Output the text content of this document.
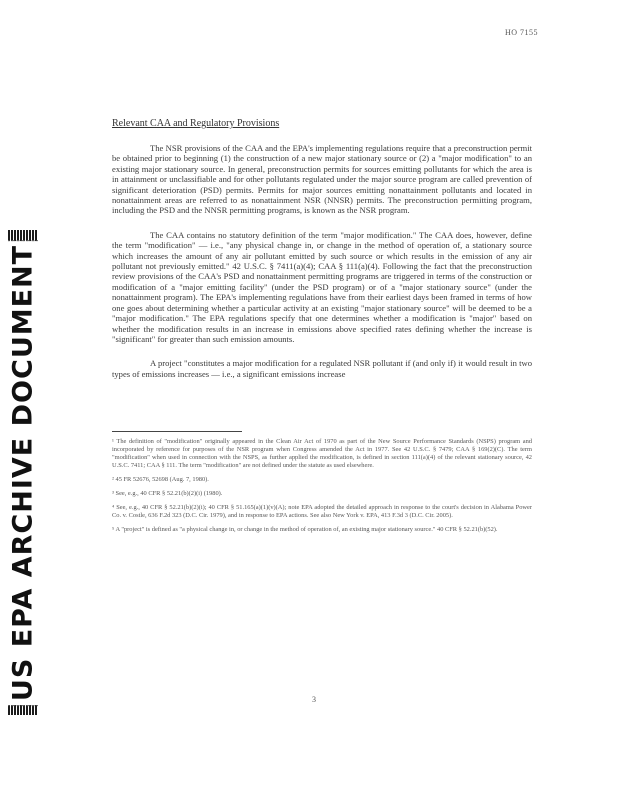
US EPA ARCHIVE DOCUMENT
HO 7155
Relevant CAA and Regulatory Provisions

The NSR provisions of the CAA and the EPA's implementing regulations require that a preconstruction permit be obtained prior to beginning (1) the construction of a new major stationary source or (2) a "major modification" to an existing major stationary source. In general, preconstruction permits for sources emitting pollutants for which the area is in attainment or unclassifiable and for other pollutants regulated under the major source program are called prevention of significant deterioration (PSD) permits. Permits for major sources emitting nonattainment pollutants and located in nonattainment areas are referred to as nonattainment NSR (NNSR) permits. The preconstruction permitting program, including the PSD and the NNSR permitting programs, is known as the NSR program.

The CAA contains no statutory definition of the term "major modification." The CAA does, however, define the term "modification" — i.e., "any physical change in, or change in the method of operation of, a stationary source which increases the amount of any air pollutant emitted by such source or which results in the emission of any air pollutant not previously emitted." 42 U.S.C. § 7411(a)(4); CAA § 111(a)(4). Following the fact that the preconstruction review provisions of the CAA's PSD and nonattainment permitting programs are triggered in terms of the construction or modification of a "major emitting facility" (under the PSD program) or of a "major stationary source" (under the nonattainment program). The EPA's implementing regulations have from their earliest days been framed in terms of how one goes about determining whether a particular activity at an existing "major stationary source" will be deemed to be a "major modification." The EPA regulations specify that one determines whether a modification is "major" based on whether the modification results in an increase in emissions above specified rates defining whether the increase is "significant" for greater than such emission amounts.

A project "constitutes a major modification for a regulated NSR pollutant if (and only if) it would result in two types of emissions increases — i.e., a significant emissions increase

¹ The definition of "modification" originally appeared in the Clean Air Act of 1970 as part of the New Source Performance Standards (NSPS) program and incorporated by reference for purposes of the NSR program when Congress amended the Act in 1977. See 42 U.S.C. § 7479; CAA § 169(2)(C). The term "modification" when used in connection with the NSPS, as further applied the modification, is defined in section 111(a)(4) of the relevant stationary source, 42 U.S.C. 7411; CAA § 111. The term "modification" are not defined under the statute as used elsewhere.
² 45 FR 52676, 52698 (Aug. 7, 1980).
³ See, e.g., 40 CFR § 52.21(b)(2)(i) (1980).
⁴ See, e.g., 40 CFR § 52.21(b)(2)(i); 40 CFR § 51.165(a)(1)(v)(A); note EPA adopted the detailed approach in response to the court's decision in Alabama Power Co. v. Costle, 636 F.2d 323 (D.C. Cir. 1979), and in response to EPA actions. See also New York v. EPA, 413 F.3d 3 (D.C. Cir. 2005).
⁵ A "project" is defined as "a physical change in, or change in the method of operation of, an existing major stationary source." 40 CFR § 52.21(b)(52).
3
